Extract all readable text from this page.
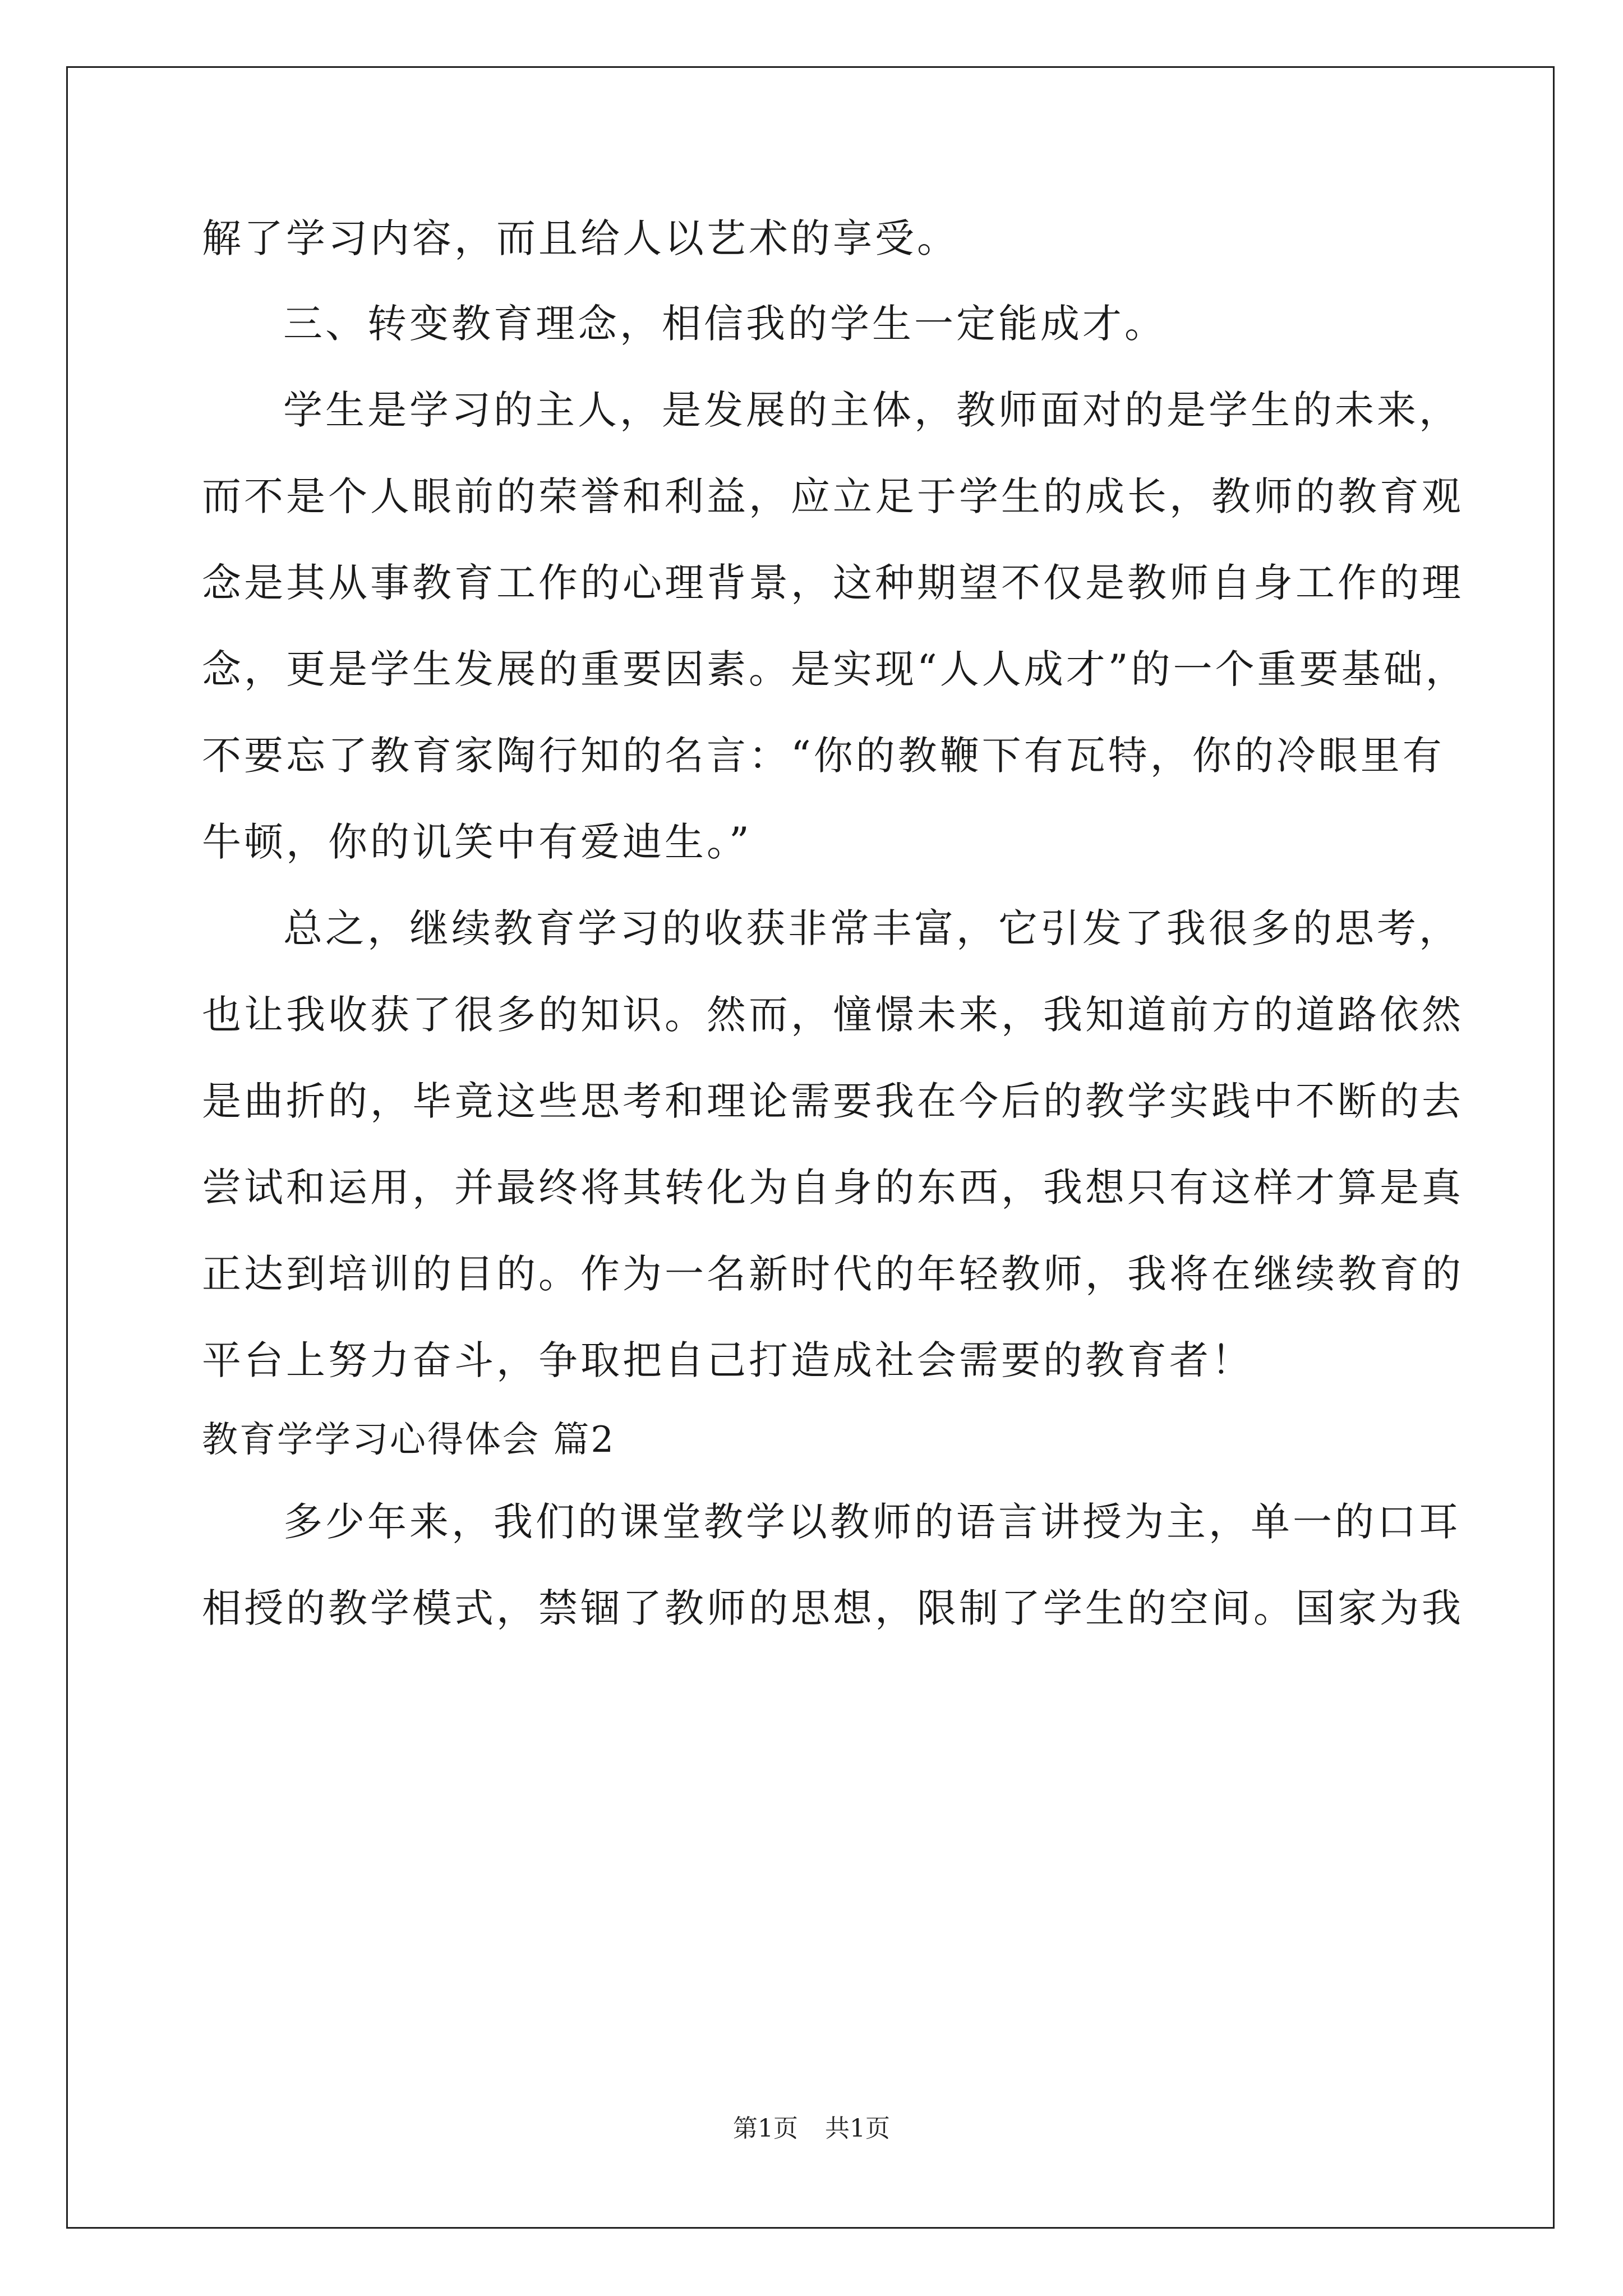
解了学习内容，而且给人以艺术的享受。
三、转变教育理念，相信我的学生一定能成才。
学生是学习的主人，是发展的主体，教师面对的是学生的未来，
而不是个人眼前的荣誉和利益，应立足于学生的成长，教师的教育观
念是其从事教育工作的心理背景，这种期望不仅是教师自身工作的理
念，更是学生发展的重要因素。是实现“人人成才”的一个重要基础，
不要忘了教育家陶行知的名言：“你的教鞭下有瓦特，你的冷眼里有
牛顿，你的讥笑中有爱迪生。”
总之，继续教育学习的收获非常丰富，它引发了我很多的思考，
也让我收获了很多的知识。然而，憧憬未来，我知道前方的道路依然
是曲折的，毕竟这些思考和理论需要我在今后的教学实践中不断的去
尝试和运用，并最终将其转化为自身的东西，我想只有这样才算是真
正达到培训的目的。作为一名新时代的年轻教师，我将在继续教育的
平台上努力奋斗，争取把自己打造成社会需要的教育者！
教育学学习心得体会 篇2
多少年来，我们的课堂教学以教师的语言讲授为主，单一的口耳
相授的教学模式，禁锢了教师的思想，限制了学生的空间。国家为我
第1页 共1页
